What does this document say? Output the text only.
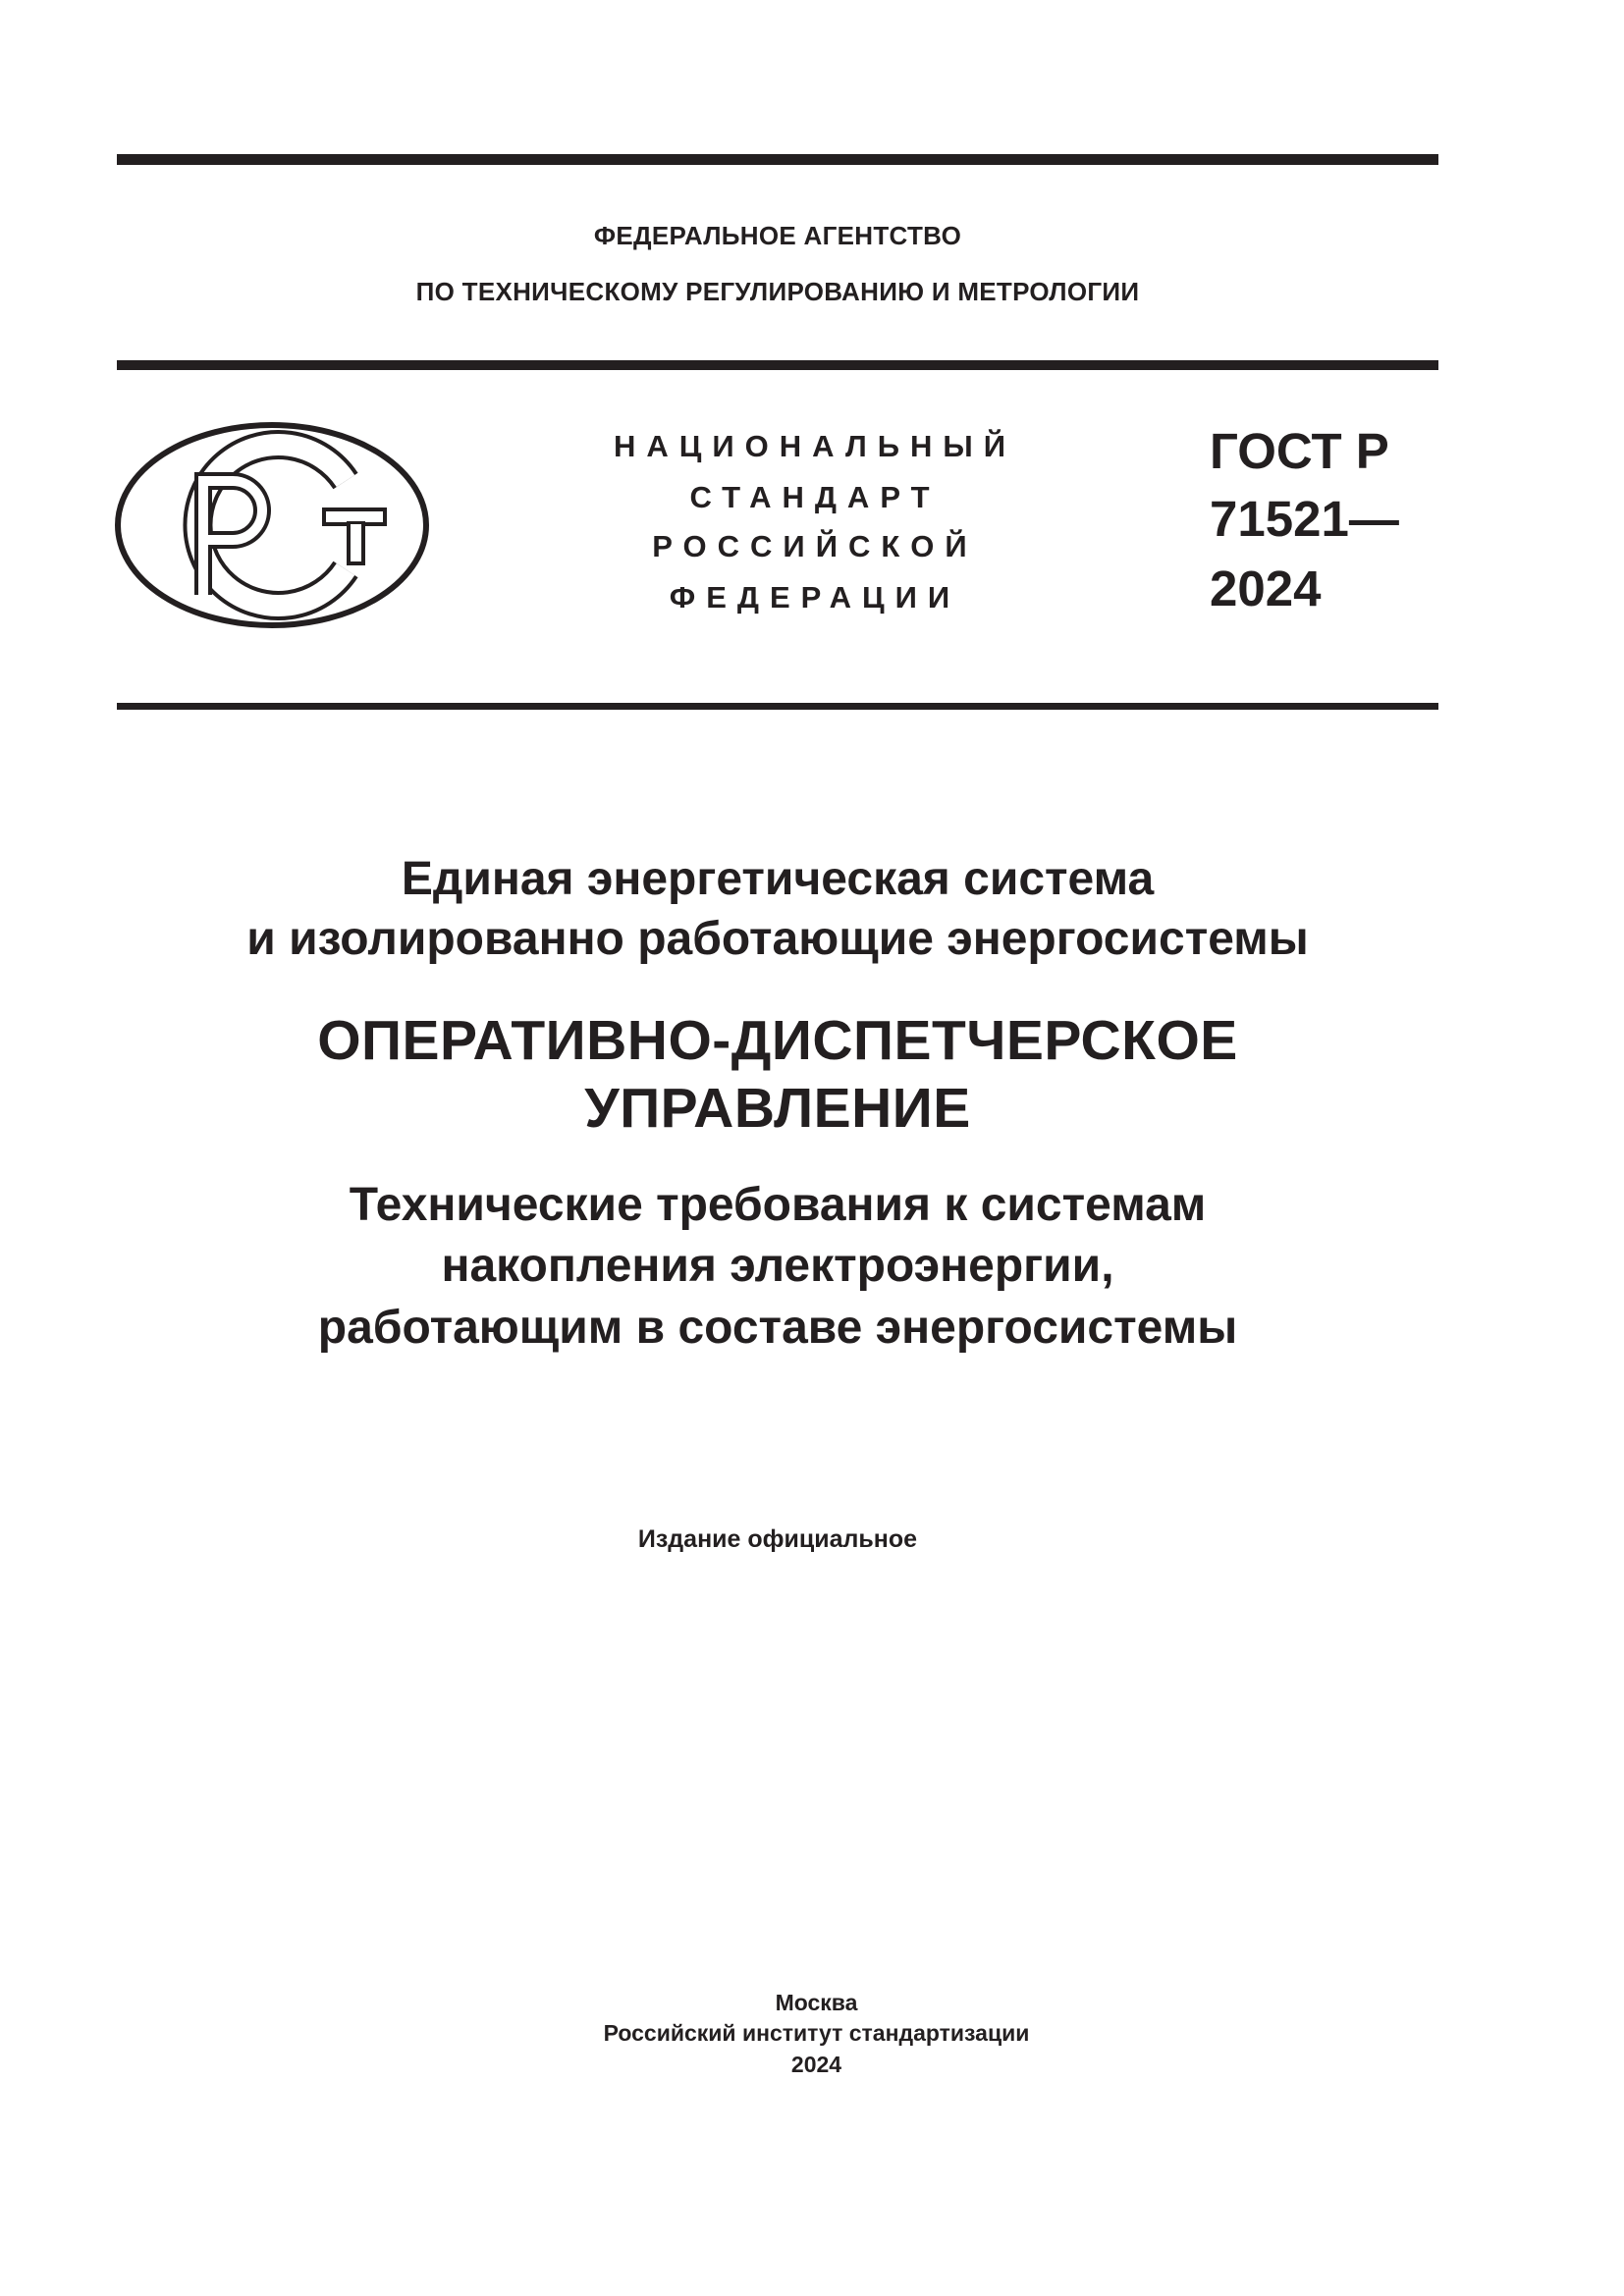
ФЕДЕРАЛЬНОЕ АГЕНТСТВО
ПО ТЕХНИЧЕСКОМУ РЕГУЛИРОВАНИЮ И МЕТРОЛОГИИ
НАЦИОНАЛЬНЫЙ
СТАНДАРТ
РОССИЙСКОЙ
ФЕДЕРАЦИИ
ГОСТ Р
71521—
2024
Единая энергетическая система
и изолированно работающие энергосистемы
ОПЕРАТИВНО-ДИСПЕТЧЕРСКОЕ
УПРАВЛЕНИЕ
Технические требования к системам
накопления электроэнергии,
работающим в составе энергосистемы
Издание официальное
Москва
Российский институт стандартизации
2024
